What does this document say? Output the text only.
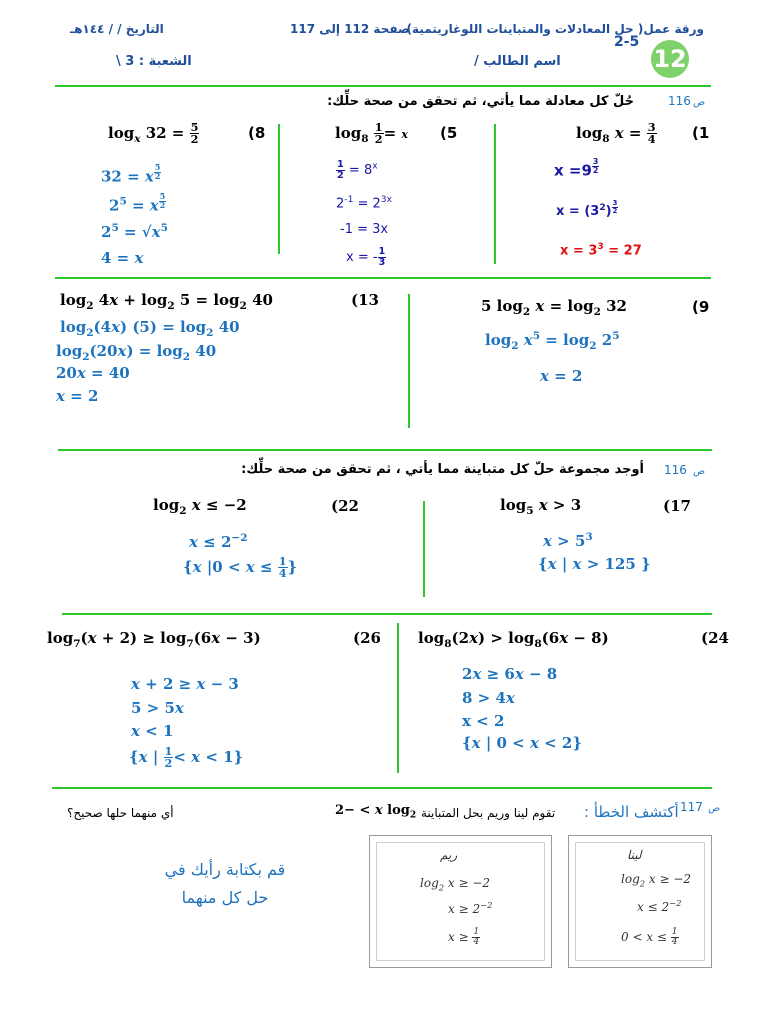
ورقة عمل( حل المعادلات والمتباينات اللوغاريتمية)
2-5
صفحة 112 إلى 117
التاريخ / / ١٤٤هـ
اسم الطالب /
الشعبة : 3 \	12
ص
116
حُلّ كل معادلة مما يأتي، ثم تحقق من صحة حلِّك:
(1
$\log_8 x = \frac{3}{4}$
x =9 $^{\frac{3}{2}}$
$x = (3^2)$ $^{\frac{3}{2}}$
$x = 3^3 = 27$
(5
$\log_8 \frac{1}{2} = x$
$\frac{1}{2} = 8^x$
$2^{-1} = 2^{3x}$
-1 = 3x
x = - $\frac{1}{3}$
(8
$\log_x 32 = \frac{5}{2}$
32 = x $^{\frac{5}{2}}$
$2^5 = x$ $^{\frac{5}{2}}$
$2^5 = √x^5$
4 = x
(9
5 $\log_2 x = \log_2 32$
$\log_2 x^5 = \log_2 2^5$
x = 2
(13
$\log_2 4x + \log_2 5 = \log_2 40$
$\log_2(4x) (5) = \log_2 40$
$\log_2(20x) = \log_2 40$
20x = 40
x = 2
ص
116
أوجد مجموعة حلّ كل متباينة مما يأتي ، ثم تحقق من صحة حلِّك:
(17
$\log_5 x > 3$
$x > 5^3$
{x | x > 125 }
(22
$\log_2 x \le -2$
$x \le 2^{-2}$
{x $|0 < x \le \frac{1}{4}$ }
(24
$\log_8(2x) > \log_8(6x - 8)$
2x ≥ 6x − 8
8 > 4x
x < 2
{x | 0 < x < 2}
(26
$\log_7(x + 2) \ge \log_7(6x - 3)$
x + 2 ≥ x − 3
5 > 5x
x < 1
{x | $\frac{1}{2} < x < 1$}
ص
117
أكتشف الخطأ :
تقوم لينا وريم بحل المتباينة
2− < x $\log_2$
أي منهما حلها صحيح؟
قم بكتابة رأيك في
حل كل منهما
ريم
$\log_2 x \ge -2$
$x \ge 2^{-2}$
$x \ge \frac{1}{4}$
لينا
$\log_2 x \ge -2$
$x \le 2^{-2}$
$0 < x \le \frac{1}{4}$
